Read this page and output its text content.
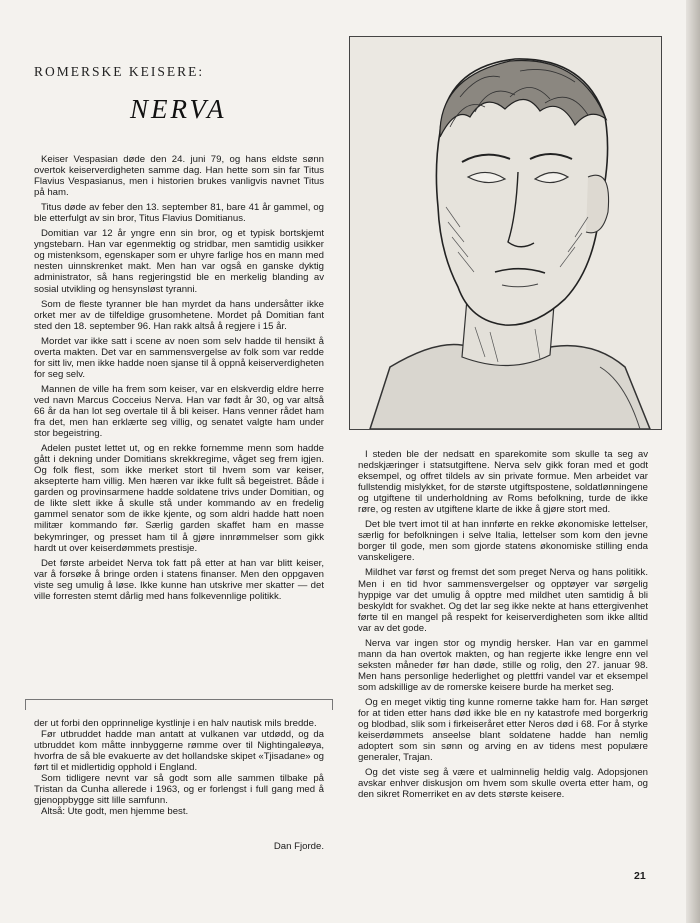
ROMERSKE KEISERE:
NERVA

Keiser Vespasian døde den 24. juni 79, og hans eldste sønn overtok keiserverdigheten samme dag. Han hette som sin far Titus Flavius Vespasianus, men i historien brukes vanligvis navnet Titus på ham.

Titus døde av feber den 13. september 81, bare 41 år gammel, og ble etterfulgt av sin bror, Titus Flavius Domitianus.

Domitian var 12 år yngre enn sin bror, og et typisk bortskjemt yngstebarn. Han var egenmektig og stridbar, men samtidig usikker og mistenksom, egenskaper som er uhyre farlige hos en mann med nesten uinnskrenket makt. Men han var også en ganske dyktig administrator, så hans regjeringstid ble en merkelig blanding av sosial utvikling og hensynsløst tyranni.

Som de fleste tyranner ble han myrdet da hans undersåtter ikke orket mer av de tilfeldige grusomhetene. Mordet på Domitian fant sted den 18. september 96. Han rakk altså å regjere i 15 år.

Mordet var ikke satt i scene av noen som selv hadde til hensikt å overta makten. Det var en sammensvergelse av folk som var redde for sitt liv, men ikke hadde noen sjanse til å oppnå keiserverdigheten for seg selv.

Mannen de ville ha frem som keiser, var en elskverdig eldre herre ved navn Marcus Cocceius Nerva. Han var født år 30, og var altså 66 år da han lot seg overtale til å bli keiser. Hans venner rådet ham fra det, men han erklærte seg villig, og senatet valgte ham under stor begeistring.

Adelen pustet lettet ut, og en rekke fornemme menn som hadde gått i dekning under Domitians skrekkregime, våget seg frem igjen. Og folk flest, som ikke merket stort til hvem som var keiser, aksepterte ham villig. Men hæren var ikke fullt så begeistret. Både i garden og provinsarmene hadde soldatene trivs under Domitian, og de likte slett ikke å skulle stå under kommando av en fredelig gammel senator som de ikke kjente, og som aldri hadde hatt noen militær kommando før. Særlig garden skaffet ham en masse bekymringer, og presset ham til å gjøre innrømmelser som gikk hardt ut over keiserdømmets prestisje.

Det første arbeidet Nerva tok fatt på etter at han var blitt keiser, var å forsøke å bringe orden i statens finanser. Men den oppgaven viste seg umulig å løse. Ikke kunne han utskrive mer skatter — det ville forresten stemt dårlig med hans folkevennlige politikk.

der ut forbi den opprinnelige kystlinje i en halv nautisk mils bredde.

Før utbruddet hadde man antatt at vulkanen var utdødd, og da utbruddet kom måtte innbyggerne rømme over til Nightingaleøya, hvorfra de så ble evakuerte av det hollandske skipet «Tjisadane» og ført til et midlertidig opphold i England.

Som tidligere nevnt var så godt som alle sammen tilbake på Tristan da Cunha allerede i 1963, og er forlengst i full gang med å gjenoppbygge sitt lille samfunn.

Altså: Ute godt, men hjemme best.

Dan Fjorde.

I steden ble der nedsatt en sparekomite som skulle ta seg av nedskjæringer i statsutgiftene. Nerva selv gikk foran med et godt eksempel, og offret tildels av sin private formue. Men arbeidet var fullstendig mislykket, for de største utgiftspostene, soldatlønningene og utgiftene til underholdning av Roms befolkning, turde de ikke røre, og resten av utgiftene klarte de ikke å gjøre stort med.

Det ble tvert imot til at han innførte en rekke økonomiske lettelser, særlig for befolkningen i selve Italia, lettelser som kom den jevne borger til gode, men som gjorde statens økonomiske stilling enda vanskeligere.

Mildhet var først og fremst det som preget Nerva og hans politikk. Men i en tid hvor sammensvergelser og opptøyer var sørgelig hyppige var det umulig å opptre med mildhet uten samtidig å bli beskyldt for svakhet. Og det lar seg ikke nekte at hans ettergivenhet førte til en mangel på respekt for keiserverdigheten som ikke alltid var av det gode.

Nerva var ingen stor og myndig hersker. Han var en gammel mann da han overtok makten, og han regjerte ikke lengre enn vel seksten måneder før han døde, stille og rolig, den 27. januar 98. Men hans personlige hederlighet og plettfri vandel var et eksempel som adskillige av de romerske keisere burde ha merket seg.

Og en meget viktig ting kunne romerne takke ham for. Han sørget for at tiden etter hans død ikke ble en ny katastrofe med borgerkrig og blodbad, slik som i firkeiseråret etter Neros død i 68. For å styrke keiserdømmets anseelse blant soldatene hadde han nemlig adoptert som sin sønn og arving en av tidens mest populære generaler, Trajan.

Og det viste seg å være et ualminnelig heldig valg. Adopsjonen avskar enhver diskusjon om hvem som skulle overta etter ham, og den sikret Romerriket en av dets største keisere.

21
